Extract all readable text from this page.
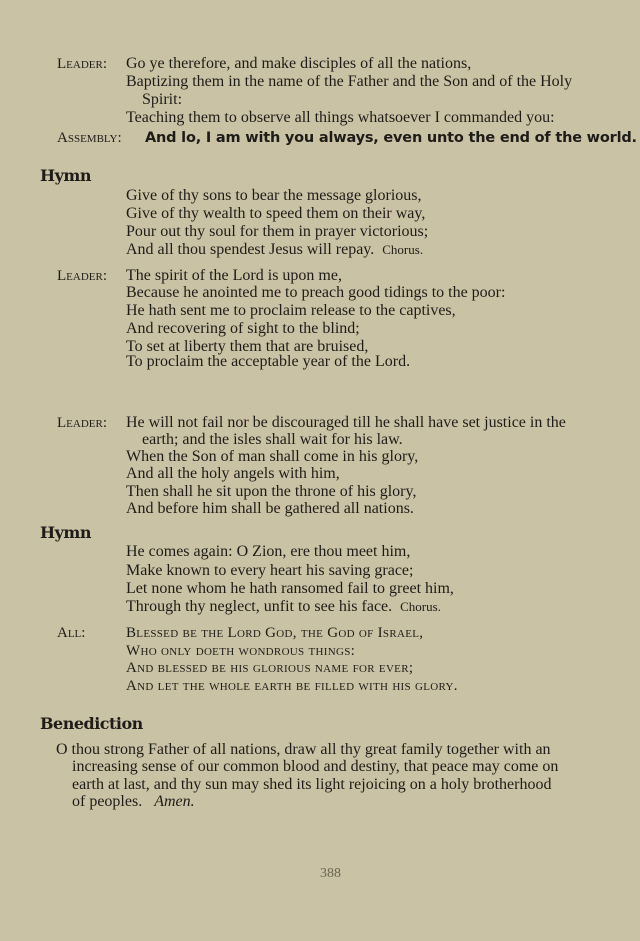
Leader: Go ye therefore, and make disciples of all the nations,
Baptizing them in the name of the Father and the Son and of the Holy
Spirit:
Teaching them to observe all things whatsoever I commanded you:
Assembly: And lo, I am with you always, even unto the end of the world.
Hymn
Give of thy sons to bear the message glorious,
Give of thy wealth to speed them on their way,
Pour out thy soul for them in prayer victorious;
And all thou spendest Jesus will repay. Chorus.
Leader: The spirit of the Lord is upon me,
Because he anointed me to preach good tidings to the poor:
He hath sent me to proclaim release to the captives,
And recovering of sight to the blind;
To set at liberty them that are bruised,
To proclaim the acceptable year of the Lord.
Leader: He will not fail nor be discouraged till he shall have set justice in the
earth; and the isles shall wait for his law.
When the Son of man shall come in his glory,
And all the holy angels with him,
Then shall he sit upon the throne of his glory,
And before him shall be gathered all nations.
Hymn
He comes again: O Zion, ere thou meet him,
Make known to every heart his saving grace;
Let none whom he hath ransomed fail to greet him,
Through thy neglect, unfit to see his face. Chorus.
All:	Blessed be the Lord God, the God of Israel,
Who only doeth wondrous things:
And blessed be his glorious name for ever;
And let the whole earth be filled with his glory.
Benediction
O thou strong Father of all nations, draw all thy great family together with an
increasing sense of our common blood and destiny, that peace may come on
earth at last, and thy sun may shed its light rejoicing on a holy brotherhood
of peoples. Amen.
388
